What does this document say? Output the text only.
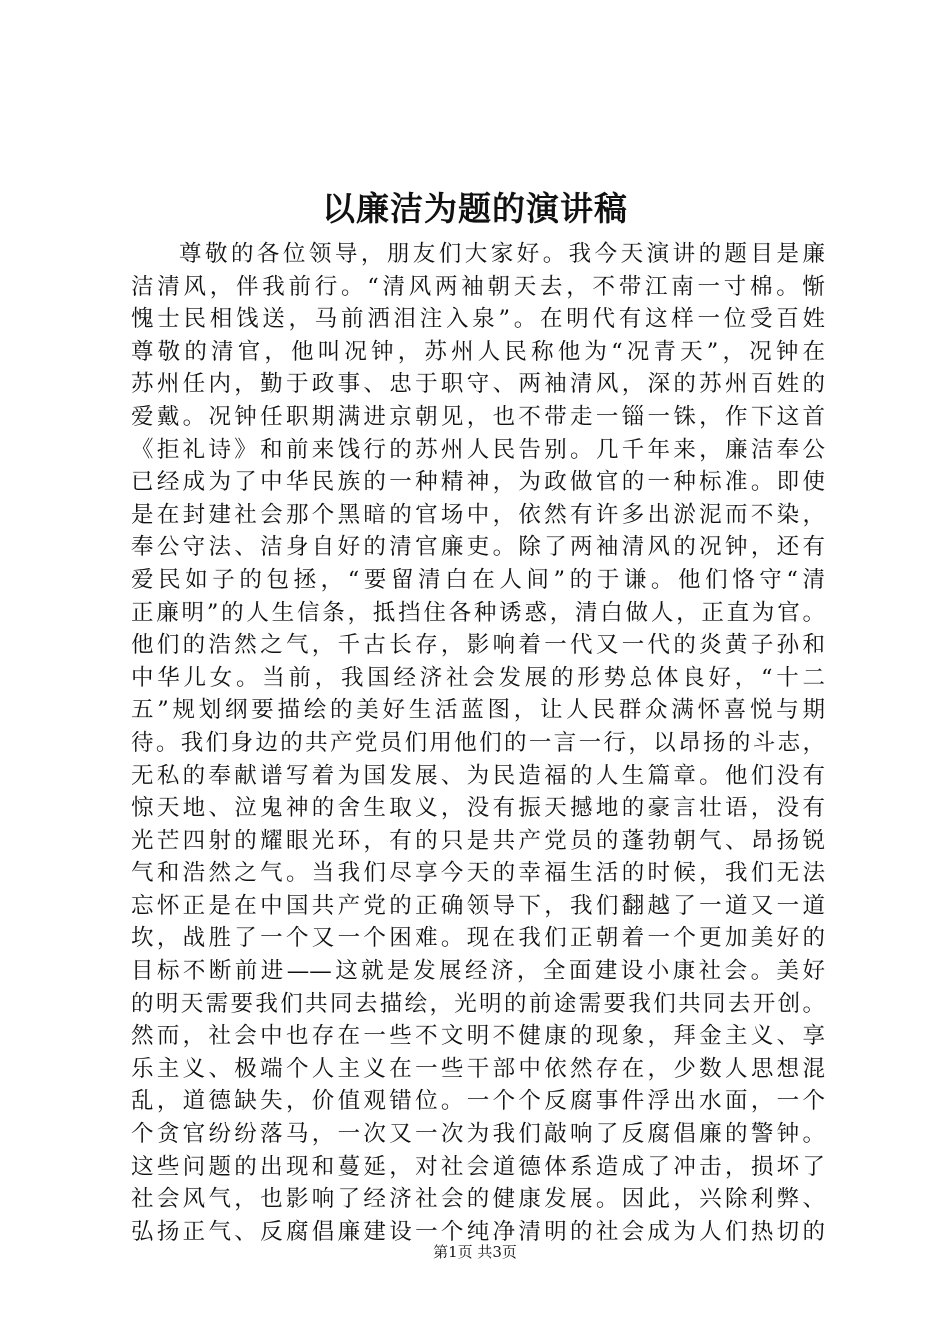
以廉洁为题的演讲稿
尊敬的各位领导，朋友们大家好。我今天演讲的题目是廉
洁清风，伴我前行。“清风两袖朝天去，不带江南一寸棉。惭
愧士民相饯送，马前洒泪注入泉”。在明代有这样一位受百姓
尊敬的清官，他叫况钟，苏州人民称他为“况青天”，况钟在
苏州任内，勤于政事、忠于职守、两袖清风，深的苏州百姓的
爱戴。况钟任职期满进京朝见，也不带走一锱一铢，作下这首
《拒礼诗》和前来饯行的苏州人民告别。几千年来，廉洁奉公
已经成为了中华民族的一种精神，为政做官的一种标准。即使
是在封建社会那个黑暗的官场中，依然有许多出淤泥而不染，
奉公守法、洁身自好的清官廉吏。除了两袖清风的况钟，还有
爱民如子的包拯，“要留清白在人间”的于谦。他们恪守“清
正廉明”的人生信条，抵挡住各种诱惑，清白做人，正直为官。
他们的浩然之气，千古长存，影响着一代又一代的炎黄子孙和
中华儿女。当前，我国经济社会发展的形势总体良好，“十二
五”规划纲要描绘的美好生活蓝图，让人民群众满怀喜悦与期
待。我们身边的共产党员们用他们的一言一行，以昂扬的斗志，
无私的奉献谱写着为国发展、为民造福的人生篇章。他们没有
惊天地、泣鬼神的舍生取义，没有振天撼地的豪言壮语，没有
光芒四射的耀眼光环，有的只是共产党员的蓬勃朝气、昂扬锐
气和浩然之气。当我们尽享今天的幸福生活的时候，我们无法
忘怀正是在中国共产党的正确领导下，我们翻越了一道又一道
坎，战胜了一个又一个困难。现在我们正朝着一个更加美好的
目标不断前进——这就是发展经济，全面建设小康社会。美好
的明天需要我们共同去描绘，光明的前途需要我们共同去开创。
然而，社会中也存在一些不文明不健康的现象，拜金主义、享
乐主义、极端个人主义在一些干部中依然存在，少数人思想混
乱，道德缺失，价值观错位。一个个反腐事件浮出水面，一个
个贪官纷纷落马，一次又一次为我们敲响了反腐倡廉的警钟。
这些问题的出现和蔓延，对社会道德体系造成了冲击，损坏了
社会风气，也影响了经济社会的健康发展。因此，兴除利弊、
弘扬正气、反腐倡廉建设一个纯净清明的社会成为人们热切的
第1页 共3页
